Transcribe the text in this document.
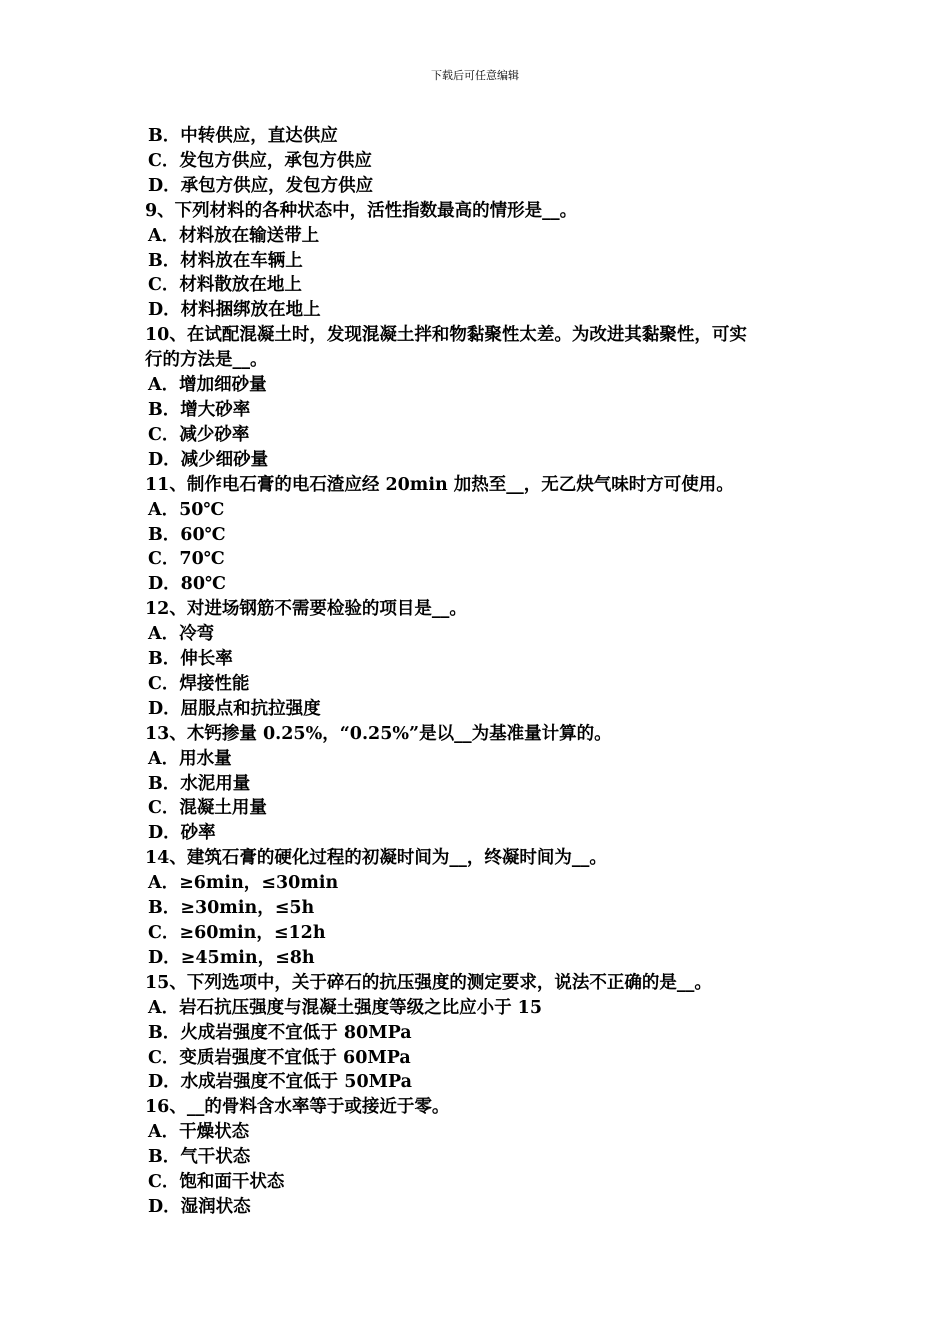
下载后可任意编辑
B．中转供应，直达供应
C．发包方供应，承包方供应
D．承包方供应，发包方供应
9、下列材料的各种状态中，活性指数最高的情形是__。
A．材料放在输送带上
B．材料放在车辆上
C．材料散放在地上
D．材料捆绑放在地上
10、在试配混凝土时，发现混凝土拌和物黏聚性太差。为改进其黏聚性，可实
行的方法是__。
A．增加细砂量
B．增大砂率
C．减少砂率
D．减少细砂量
11、制作电石膏的电石渣应经 20min 加热至__，无乙炔气味时方可使用。
A．50℃
B．60℃
C．70℃
D．80℃
12、对进场钢筋不需要检验的项目是__。
A．冷弯
B．伸长率
C．焊接性能
D．屈服点和抗拉强度
13、木钙掺量 0.25%，“0.25%”是以__为基准量计算的。
A．用水量
B．水泥用量
C．混凝土用量
D．砂率
14、建筑石膏的硬化过程的初凝时间为__，终凝时间为__。
A．≥6min，≤30min
B．≥30min，≤5h
C．≥60min，≤12h
D．≥45min，≤8h
15、下列选项中，关于碎石的抗压强度的测定要求，说法不正确的是__。
A．岩石抗压强度与混凝土强度等级之比应小于 15
B．火成岩强度不宜低于 80MPa
C．变质岩强度不宜低于 60MPa
D．水成岩强度不宜低于 50MPa
16、__的骨料含水率等于或接近于零。
A．干燥状态
B．气干状态
C．饱和面干状态
D．湿润状态
